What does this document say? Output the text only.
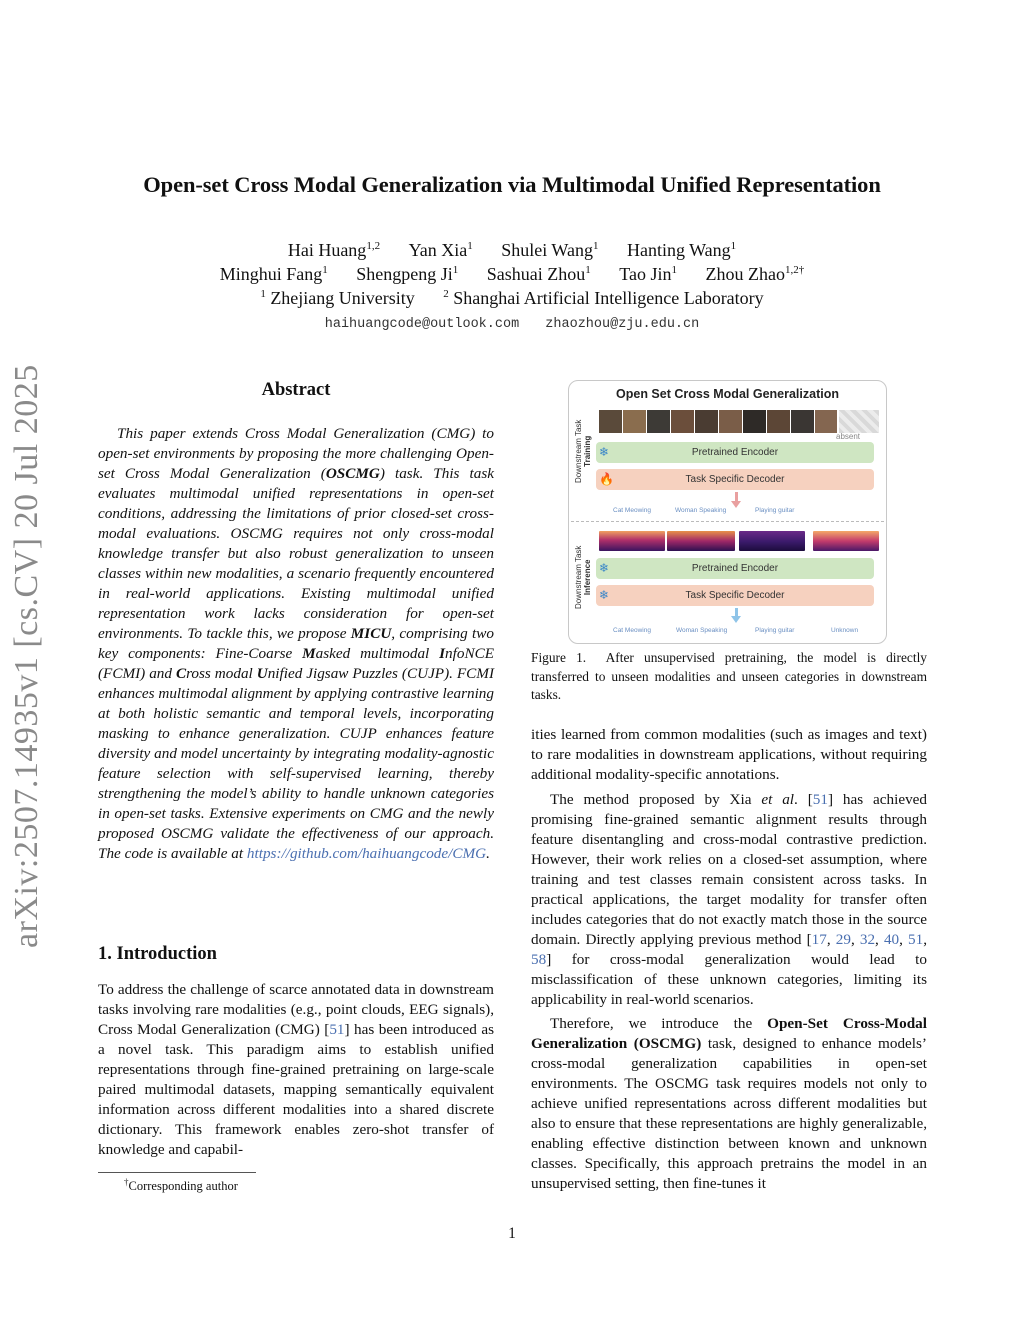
Open-set Cross Modal Generalization via Multimodal Unified Representation
Hai Huang$^{1,2}$ Yan Xia$^1$ Shulei Wang$^1$ Hanting Wang$^1$
Minghui Fang$^1$ Shengpeng Ji$^1$ Sashuai Zhou$^1$ Tao Jin$^1$ Zhou Zhao$^{1,2\dagger}$
$^1$ Zhejiang University	$^2$ Shanghai Artificial Intelligence Laboratory
haihuangcode@outlook.com zhaozhou@zju.edu.cn
arXiv:2507.14935v1 [cs.CV] 20 Jul 2025	Abstract
This paper extends Cross Modal Generalization (CMG) to open-set environments by proposing the more challenging Open-set Cross Modal Generalization (OSCMG) task. This task evaluates multimodal unified representations in open-set conditions, addressing the limitations of prior closed-set cross-modal evaluations. OSCMG requires not only cross-modal knowledge transfer but also robust generalization to unseen classes within new modalities, a scenario frequently encountered in real-world applications. Existing multimodal unified representation work lacks consideration for open-set environments. To tackle this, we propose MICU, comprising two key components: Fine-Coarse Masked multimodal InfoNCE (FCMI) and Cross modal Unified Jigsaw Puzzles (CUJP). FCMI enhances multimodal alignment by applying contrastive learning at both holistic semantic and temporal levels, incorporating masking to enhance generalization. CUJP enhances feature diversity and model uncertainty by integrating modality-agnostic feature selection with self-supervised learning, thereby strengthening the model’s ability to handle unknown categories in open-set tasks. Extensive experiments on CMG and the newly proposed OSCMG validate the effectiveness of our approach. The code is available at https://github.com/haihuangcode/CMG.
1. Introduction

To address the challenge of scarce annotated data in downstream tasks involving rare modalities (e.g., point clouds, EEG signals), Cross Modal Generalization (CMG) [51] has been introduced as a novel task. This paradigm aims to establish unified representations through fine-grained pretraining on large-scale paired multimodal datasets, mapping semantically equivalent information across different modalities into a shared discrete dictionary. This framework enables zero-shot transfer of knowledge and capabil-

†Corresponding author
1
Open Set Cross Modal Generalization
Downstream Task Training
Downstream Task Inference
absent
❄	Pretrained Encoder
🔥	Task Specific Decoder
Cat Meowing	Woman Speaking	Playing guitar
❄	Pretrained Encoder
❄	Task Specific Decoder
Cat Meowing	Woman Speaking	Playing guitar	Unknown
Figure 1. After unsupervised pretraining, the model is directly transferred to unseen modalities and unseen categories in downstream tasks.

ities learned from common modalities (such as images and text) to rare modalities in downstream applications, without requiring additional modality-specific annotations.

The method proposed by Xia et al. [51] has achieved promising fine-grained semantic alignment results through feature disentangling and cross-modal contrastive prediction. However, their work relies on a closed-set assumption, where training and test classes remain consistent across tasks. In practical applications, the target modality for transfer often includes categories that do not exactly match those in the source domain. Directly applying previous method [17, 29, 32, 40, 51, 58] for cross-modal generalization would lead to misclassification of these unknown categories, limiting its applicability in real-world scenarios.

Therefore, we introduce the Open-Set Cross-Modal Generalization (OSCMG) task, designed to enhance models’ cross-modal generalization capabilities in open-set environments. The OSCMG task requires models not only to achieve unified representations across different modalities but also to ensure that these representations are highly generalizable, enabling effective distinction between known and unknown classes. Specifically, this approach pretrains the model in an unsupervised setting, then fine-tunes it
